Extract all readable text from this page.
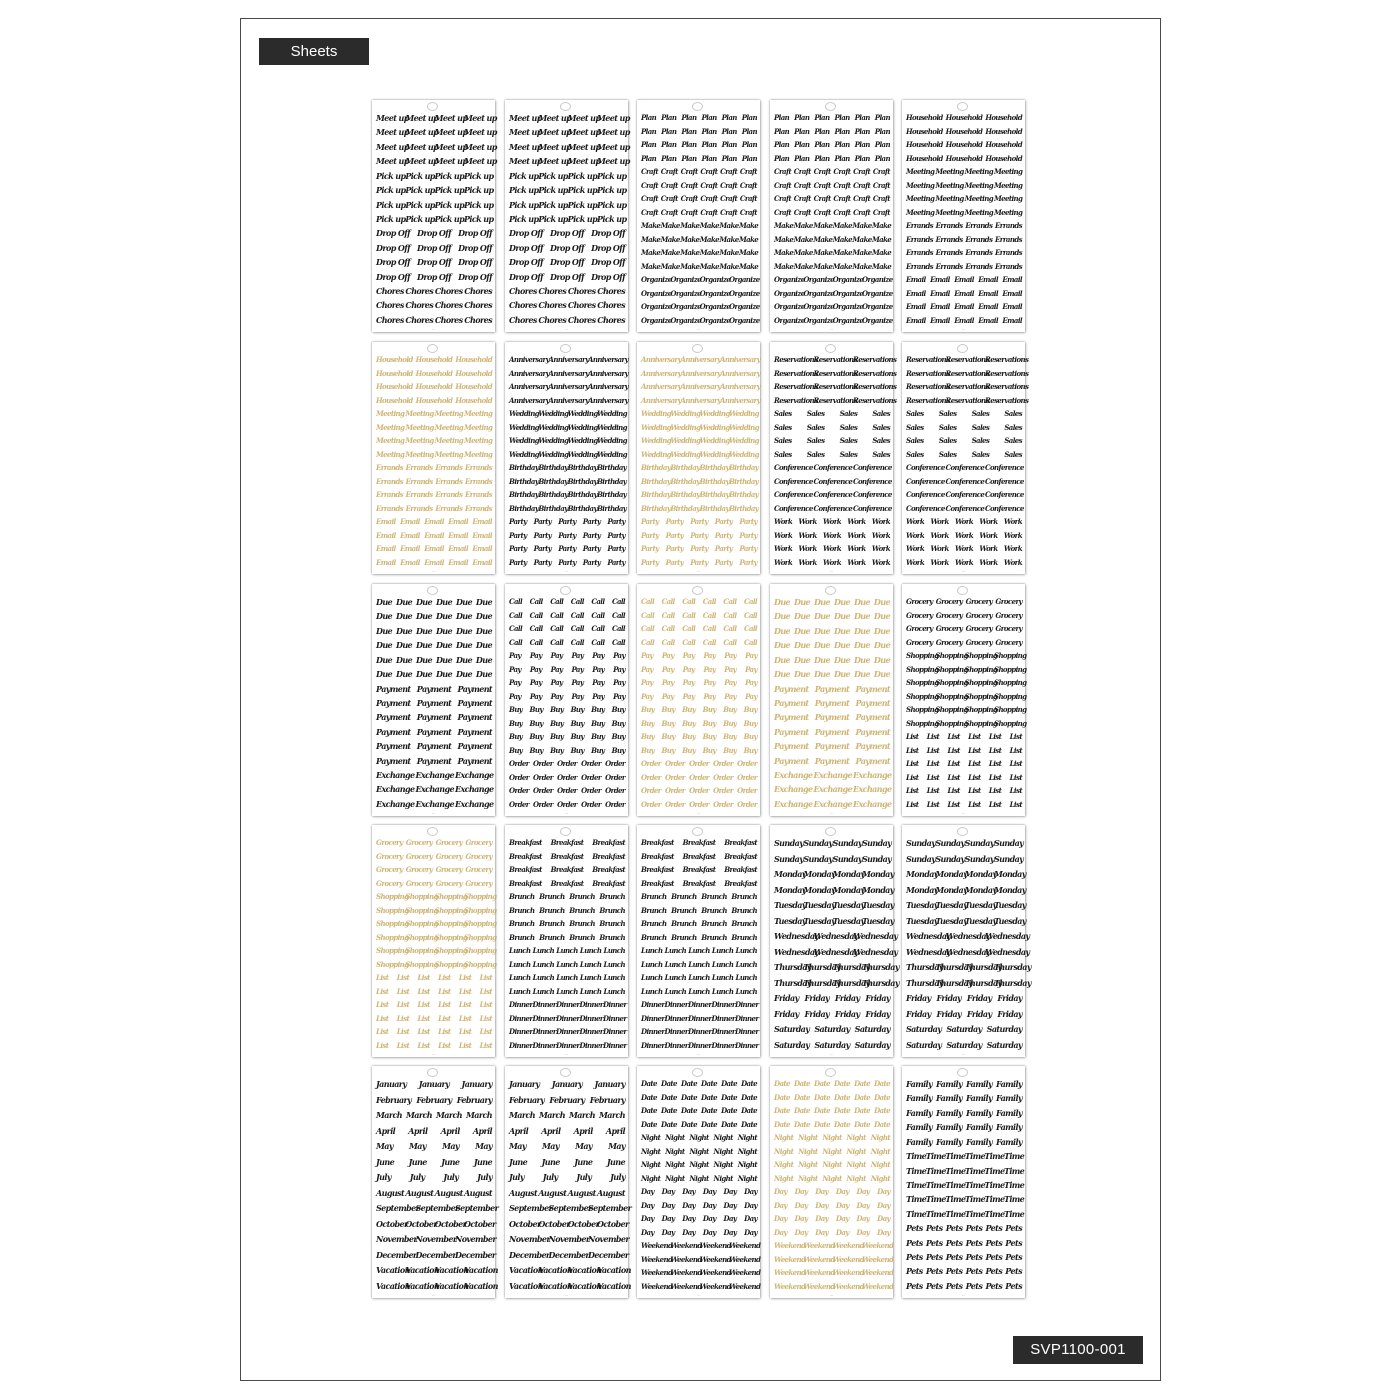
Sheets
Meet up
Meet up
Meet up
Meet up
Meet up
Meet up
Meet up
Meet up
Meet up
Meet up
Meet up
Meet up
Meet up
Meet up
Meet up
Meet up
Pick up Pick up Pick up Pick up
Pick up Pick up Pick up Pick up
Pick up Pick up Pick up Pick up
Pick up Pick up Pick up Pick up
Drop Off Drop Off Drop Off
Drop Off Drop Off Drop Off
Drop Off Drop Off Drop Off
Drop Off Drop Off Drop Off
Chores Chores Chores Chores
Chores Chores Chores Chores
Chores Chores Chores Chores
—
Meet up
Meet up
Meet up
Meet up
Meet up
Meet up
Meet up
Meet up
Meet up
Meet up
Meet up
Meet up
Meet up
Meet up
Meet up
Meet up
Pick up Pick up Pick up Pick up
Pick up Pick up Pick up Pick up
Pick up Pick up Pick up Pick up
Pick up Pick up Pick up Pick up
Drop Off Drop Off Drop Off
Drop Off Drop Off Drop Off
Drop Off Drop Off Drop Off
Drop Off Drop Off Drop Off
Chores Chores Chores Chores
Chores Chores Chores Chores
Chores Chores Chores Chores
—
Plan Plan Plan Plan Plan Plan
Plan Plan Plan Plan Plan Plan
Plan Plan Plan Plan Plan Plan
Plan Plan Plan Plan Plan Plan
Craft Craft Craft Craft Craft Craft
Craft Craft Craft Craft Craft Craft
Craft Craft Craft Craft Craft Craft
Craft Craft Craft Craft Craft Craft
Make Make Make Make Make Make
Make Make Make Make Make Make
Make Make Make Make Make Make
Make Make Make Make Make Make
Organize
Organize
Organize
Organize
Organize
Organize
Organize
Organize
Organize
Organize
Organize
Organize
Organize
Organize
Organize
Organize
—
Plan Plan Plan Plan Plan Plan
Plan Plan Plan Plan Plan Plan
Plan Plan Plan Plan Plan Plan
Plan Plan Plan Plan Plan Plan
Craft Craft Craft Craft Craft Craft
Craft Craft Craft Craft Craft Craft
Craft Craft Craft Craft Craft Craft
Craft Craft Craft Craft Craft Craft
Make Make Make Make Make Make
Make Make Make Make Make Make
Make Make Make Make Make Make
Make Make Make Make Make Make
Organize
Organize
Organize
Organize
Organize
Organize
Organize
Organize
Organize
Organize
Organize
Organize
Organize
Organize
Organize
Organize
—
Household Household Household
Household Household Household
Household Household Household
Household Household Household
Meeting Meeting Meeting Meeting
Meeting Meeting Meeting Meeting
Meeting Meeting Meeting Meeting
Meeting Meeting Meeting Meeting
Errands Errands Errands Errands
Errands Errands Errands Errands
Errands Errands Errands Errands
Errands Errands Errands Errands
Email Email Email Email Email
Email Email Email Email Email
Email Email Email Email Email
Email Email Email Email Email
—
Household Household Household
Household Household Household
Household Household Household
Household Household Household
Meeting Meeting Meeting Meeting
Meeting Meeting Meeting Meeting
Meeting Meeting Meeting Meeting
Meeting Meeting Meeting Meeting
Errands Errands Errands Errands
Errands Errands Errands Errands
Errands Errands Errands Errands
Errands Errands Errands Errands
Email Email Email Email Email
Email Email Email Email Email
Email Email Email Email Email
Email Email Email Email Email
—
Anniversary Anniversary Anniversary
Anniversary Anniversary Anniversary
Anniversary Anniversary Anniversary
Anniversary Anniversary Anniversary
Wedding Wedding Wedding Wedding
Wedding Wedding Wedding Wedding
Wedding Wedding Wedding Wedding
Wedding Wedding Wedding Wedding
Birthday Birthday Birthday Birthday
Birthday Birthday Birthday Birthday
Birthday Birthday Birthday Birthday
Birthday Birthday Birthday Birthday
Party Party Party Party Party
Party Party Party Party Party
Party Party Party Party Party
Party Party Party Party Party
—
Anniversary Anniversary Anniversary
Anniversary Anniversary Anniversary
Anniversary Anniversary Anniversary
Anniversary Anniversary Anniversary
Wedding Wedding Wedding Wedding
Wedding Wedding Wedding Wedding
Wedding Wedding Wedding Wedding
Wedding Wedding Wedding Wedding
Birthday Birthday Birthday Birthday
Birthday Birthday Birthday Birthday
Birthday Birthday Birthday Birthday
Birthday Birthday Birthday Birthday
Party Party Party Party Party
Party Party Party Party Party
Party Party Party Party Party
Party Party Party Party Party
—
Reservations
Reservations
Reservations
Reservations
Reservations
Reservations
Reservations
Reservations
Reservations
Reservations
Reservations
Reservations
Sales Sales Sales Sales
Sales Sales Sales Sales
Sales Sales Sales Sales
Sales Sales Sales Sales
Conference Conference Conference
Conference Conference Conference
Conference Conference Conference
Conference Conference Conference
Work Work Work Work Work
Work Work Work Work Work
Work Work Work Work Work
Work Work Work Work Work
—
Reservations
Reservations
Reservations
Reservations
Reservations
Reservations
Reservations
Reservations
Reservations
Reservations
Reservations
Reservations
Sales Sales Sales Sales
Sales Sales Sales Sales
Sales Sales Sales Sales
Sales Sales Sales Sales
Conference Conference Conference
Conference Conference Conference
Conference Conference Conference
Conference Conference Conference
Work Work Work Work Work
Work Work Work Work Work
Work Work Work Work Work
Work Work Work Work Work
—
Due Due Due Due Due Due
Due Due Due Due Due Due
Due Due Due Due Due Due
Due Due Due Due Due Due
Due Due Due Due Due Due
Due Due Due Due Due Due
Payment Payment Payment
Payment Payment Payment
Payment Payment Payment
Payment Payment Payment
Payment Payment Payment
Payment Payment Payment
Exchange Exchange Exchange
Exchange Exchange Exchange
Exchange Exchange Exchange
—
Call Call Call Call Call Call
Call Call Call Call Call Call
Call Call Call Call Call Call
Call Call Call Call Call Call
Pay Pay Pay Pay Pay Pay
Pay Pay Pay Pay Pay Pay
Pay Pay Pay Pay Pay Pay
Pay Pay Pay Pay Pay Pay
Buy Buy Buy Buy Buy Buy
Buy Buy Buy Buy Buy Buy
Buy Buy Buy Buy Buy Buy
Buy Buy Buy Buy Buy Buy
Order Order Order Order Order
Order Order Order Order Order
Order Order Order Order Order
Order Order Order Order Order
—
Call Call Call Call Call Call
Call Call Call Call Call Call
Call Call Call Call Call Call
Call Call Call Call Call Call
Pay Pay Pay Pay Pay Pay
Pay Pay Pay Pay Pay Pay
Pay Pay Pay Pay Pay Pay
Pay Pay Pay Pay Pay Pay
Buy Buy Buy Buy Buy Buy
Buy Buy Buy Buy Buy Buy
Buy Buy Buy Buy Buy Buy
Buy Buy Buy Buy Buy Buy
Order Order Order Order Order
Order Order Order Order Order
Order Order Order Order Order
Order Order Order Order Order
—
Due Due Due Due Due Due
Due Due Due Due Due Due
Due Due Due Due Due Due
Due Due Due Due Due Due
Due Due Due Due Due Due
Due Due Due Due Due Due
Payment Payment Payment
Payment Payment Payment
Payment Payment Payment
Payment Payment Payment
Payment Payment Payment
Payment Payment Payment
Exchange Exchange Exchange
Exchange Exchange Exchange
Exchange Exchange Exchange
—
Grocery Grocery Grocery Grocery
Grocery Grocery Grocery Grocery
Grocery Grocery Grocery Grocery
Grocery Grocery Grocery Grocery
Shopping
Shopping
Shopping
Shopping
Shopping
Shopping
Shopping
Shopping
Shopping
Shopping
Shopping
Shopping
Shopping
Shopping
Shopping
Shopping
Shopping
Shopping
Shopping
Shopping
Shopping
Shopping
Shopping
Shopping
List List List List List List
List List List List List List
List List List List List List
List List List List List List
List List List List List List
List List List List List List
—
Grocery Grocery Grocery Grocery
Grocery Grocery Grocery Grocery
Grocery Grocery Grocery Grocery
Grocery Grocery Grocery Grocery
Shopping
Shopping
Shopping
Shopping
Shopping
Shopping
Shopping
Shopping
Shopping
Shopping
Shopping
Shopping
Shopping
Shopping
Shopping
Shopping
Shopping
Shopping
Shopping
Shopping
Shopping
Shopping
Shopping
Shopping
List List List List List List
List List List List List List
List List List List List List
List List List List List List
List List List List List List
List List List List List List
—
Breakfast Breakfast Breakfast
Breakfast Breakfast Breakfast
Breakfast Breakfast Breakfast
Breakfast Breakfast Breakfast
Brunch Brunch Brunch Brunch
Brunch Brunch Brunch Brunch
Brunch Brunch Brunch Brunch
Brunch Brunch Brunch Brunch
Lunch Lunch Lunch Lunch Lunch
Lunch Lunch Lunch Lunch Lunch
Lunch Lunch Lunch Lunch Lunch
Lunch Lunch Lunch Lunch Lunch
Dinner Dinner Dinner Dinner Dinner
Dinner Dinner Dinner Dinner Dinner
Dinner Dinner Dinner Dinner Dinner
Dinner Dinner Dinner Dinner Dinner
—
Breakfast Breakfast Breakfast
Breakfast Breakfast Breakfast
Breakfast Breakfast Breakfast
Breakfast Breakfast Breakfast
Brunch Brunch Brunch Brunch
Brunch Brunch Brunch Brunch
Brunch Brunch Brunch Brunch
Brunch Brunch Brunch Brunch
Lunch Lunch Lunch Lunch Lunch
Lunch Lunch Lunch Lunch Lunch
Lunch Lunch Lunch Lunch Lunch
Lunch Lunch Lunch Lunch Lunch
Dinner Dinner Dinner Dinner Dinner
Dinner Dinner Dinner Dinner Dinner
Dinner Dinner Dinner Dinner Dinner
Dinner Dinner Dinner Dinner Dinner
—
Sunday Sunday Sunday Sunday
Sunday Sunday Sunday Sunday
Monday
Monday
Monday
Monday
Monday
Monday
Monday
Monday
Tuesday
Tuesday
Tuesday
Tuesday
Tuesday
Tuesday
Tuesday
Tuesday
Wednesday
Wednesday
Wednesday
Wednesday
Wednesday
Wednesday
Thursday
Thursday
Thursday
Thursday
Thursday
Thursday
Thursday
Thursday
Friday Friday Friday Friday
Friday Friday Friday Friday
Saturday Saturday Saturday
Saturday Saturday Saturday
—
Sunday Sunday Sunday Sunday
Sunday Sunday Sunday Sunday
Monday
Monday
Monday
Monday
Monday
Monday
Monday
Monday
Tuesday
Tuesday
Tuesday
Tuesday
Tuesday
Tuesday
Tuesday
Tuesday
Wednesday
Wednesday
Wednesday
Wednesday
Wednesday
Wednesday
Thursday
Thursday
Thursday
Thursday
Thursday
Thursday
Thursday
Thursday
Friday Friday Friday Friday
Friday Friday Friday Friday
Saturday Saturday Saturday
Saturday Saturday Saturday
—
January January January
February February February
March March March March
April April April April
May May May May
June June June June
July July July July
August August August August
September
September
September
October
October
October
October
November
November
November
December
December
December
Vacation
Vacation
Vacation
Vacation
Vacation
Vacation
Vacation
Vacation
—
January January January
February February February
March March March March
April April April April
May May May May
June June June June
July July July July
August August August August
September
September
September
October
October
October
October
November
November
November
December
December
December
Vacation
Vacation
Vacation
Vacation
Vacation
Vacation
Vacation
Vacation
—
Date Date Date Date Date Date
Date Date Date Date Date Date
Date Date Date Date Date Date
Date Date Date Date Date Date
Night Night Night Night Night
Night Night Night Night Night
Night Night Night Night Night
Night Night Night Night Night
Day Day Day Day Day Day
Day Day Day Day Day Day
Day Day Day Day Day Day
Day Day Day Day Day Day
Weekend
Weekend
Weekend
Weekend
Weekend
Weekend
Weekend
Weekend
Weekend
Weekend
Weekend
Weekend
Weekend
Weekend
Weekend
Weekend
—
Date Date Date Date Date Date
Date Date Date Date Date Date
Date Date Date Date Date Date
Date Date Date Date Date Date
Night Night Night Night Night
Night Night Night Night Night
Night Night Night Night Night
Night Night Night Night Night
Day Day Day Day Day Day
Day Day Day Day Day Day
Day Day Day Day Day Day
Day Day Day Day Day Day
Weekend
Weekend
Weekend
Weekend
Weekend
Weekend
Weekend
Weekend
Weekend
Weekend
Weekend
Weekend
Weekend
Weekend
Weekend
Weekend
—
Family Family Family Family
Family Family Family Family
Family Family Family Family
Family Family Family Family
Family Family Family Family
Time Time Time Time Time Time
Time Time Time Time Time Time
Time Time Time Time Time Time
Time Time Time Time Time Time
Time Time Time Time Time Time
Pets Pets Pets Pets Pets Pets
Pets Pets Pets Pets Pets Pets
Pets Pets Pets Pets Pets Pets
Pets Pets Pets Pets Pets Pets
Pets Pets Pets Pets Pets Pets
—
SVP1100-001
